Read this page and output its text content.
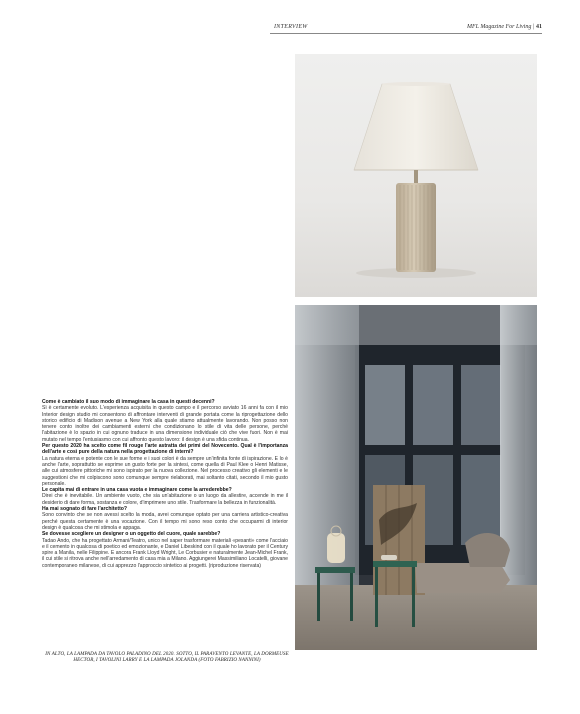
INTERVIEW	MFL Magazine For Living | 41

Come è cambiato il suo modo di immaginare la casa in questi decenni?

Sì è certamente evoluto. L'esperienza acquisita in questo campo e il percorso avviato 16 anni fa con il mio Interior design studio mi consentono di affrontare interventi di grande portata come la riprogettazione dello storico edificio di Madison avenue a New York alla quale stiamo attualmente lavorando. Non posso non tenere conto inoltre dei cambiamenti esterni che condizionano lo stile di vita delle persone, perché l'abitazione è lo spazio in cui ognuno traduce in una dimensione individuale ciò che vive fuori. Non è mai mutato nel tempo l'entusiasmo con cui affronto questo lavoro: il design è una sfida continua.

Per questo 2020 ha scelto come fil rouge l'arte astratta dei primi del Novecento. Qual è l'importanza dell'arte e così pure della natura nella progettazione di interni?

La natura eterna e potente con le sue forme e i suoi colori è da sempre un'infinita fonte di ispirazione. E lo è anche l'arte, soprattutto se esprime un gusto forte per la sintesi, come quella di Paul Klee o Henri Matisse, alle cui atmosfere pittoriche mi sono ispirato per la nuova collezione. Nel processo creativo gli elementi e le suggestioni che mi colpiscono sono comunque sempre rielaborati, mai soltanto citati, secondo il mio gusto personale.

Le capita mai di entrare in una casa vuota e immaginare come la arrederebbe?

Direi che è inevitabile. Un ambiente vuoto, che sia un'abitazione o un luogo da allestire, accende in me il desiderio di dare forma, sostanza e colore, d'imprimere uno stile. Trasformare la bellezza in funzionalità.

Ha mai sognato di fare l'architetto?

Sono convinto che se non avessi scelto la moda, avrei comunque optato per una carriera artistico-creativa perché questa certamente è una vocazione. Con il tempo mi sono reso conto che occuparmi di interior design è qualcosa che mi stimola e appaga.

Se dovesse scegliere un designer o un oggetto del cuore, quale sarebbe?

Tadao Ando, che ha progettato Armani/Teatro, unico nel saper trasformare materiali «pesanti» come l'acciaio e il cemento in qualcosa di poetico ed emozionante, e Daniel Libeskind con il quale ho lavorato per il Century spire a Manila, nelle Filippine. E ancora Frank Lloyd Wright, Le Corbusier e naturalmente Jean-Michel Frank, il cui stile si ritrova anche nell'arredamento di casa mia a Milano. Aggiungerei Massimiliano Locatelli, giovane contemporaneo milanese, di cui apprezzo l'approccio sintetico ai progetti. (riproduzione riservata)

IN ALTO, LA LAMPADA DA TAVOLO PALADINO DEL 2020. SOTTO, IL PARAVENTO LEVANTE, LA DORMEUSE HECTOR, I TAVOLINI LARRY E LA LAMPADA JOLANDA (FOTO FABRIZIO NANNINI)
